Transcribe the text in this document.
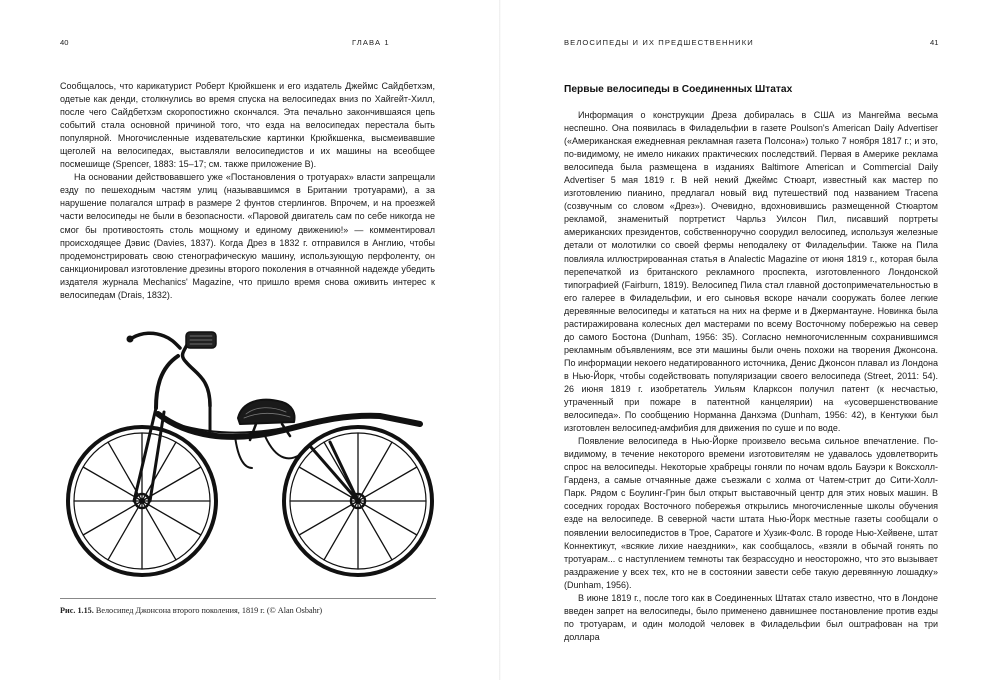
40	ГЛАВА 1

Сообщалось, что карикатурист Роберт Крюйкшенк и его издатель Джеймс Сайдбетхэм, одетые как денди, столкнулись во время спуска на велосипедах вниз по Хайгейт-Хилл, после чего Сайдбетхэм скоропостижно скончался. Эта печально закончившаяся цепь событий стала основной причиной того, что езда на велосипедах перестала быть популярной. Многочисленные издевательские картинки Крюйкшенка, высмеивавшие щеголей на велосипедах, выставляли велосипедистов и их машины на всеобщее посмешище (Spencer, 1883: 15–17; см. также приложение B).

На основании действовавшего уже «Постановления о тротуарах» власти запрещали езду по пешеходным частям улиц (называвшимся в Британии тротуарами), а за нарушение полагался штраф в размере 2 фунтов стерлингов. Впрочем, и на проезжей части велосипеды не были в безопасности. «Паровой двигатель сам по себе никогда не смог бы противостоять столь мощному и единому движению!» — комментировал происходящее Дэвис (Davies, 1837). Когда Дрез в 1832 г. отправился в Англию, чтобы продемонстрировать свою стенографическую машину, использующую перфоленту, он санкционировал изготовление дрезины второго поколения в отчаянной надежде убедить издателя журнала Mechanics' Magazine, что пришло время снова оживить интерес к велосипедам (Drais, 1832).

Рис. 1.15. Велосипед Джонсона второго поколения, 1819 г. (© Alan Osbahr)
ВЕЛОСИПЕДЫ И ИХ ПРЕДШЕСТВЕННИКИ	41
Первые велосипеды в Соединенных Штатах

Информация о конструкции Дреза добиралась в США из Мангейма весьма неспешно. Она появилась в Филадельфии в газете Poulson's American Daily Advertiser («Американская ежедневная рекламная газета Полсона») только 7 ноября 1817 г.; и это, по-видимому, не имело никаких практических последствий. Первая в Америке реклама велосипеда была размещена в изданиях Baltimore American и Commercial Daily Advertiser 5 мая 1819 г. В ней некий Джеймс Стюарт, известный как мастер по изготовлению пианино, предлагал новый вид путешествий под названием Tracena (созвучным со словом «Дрез»). Очевидно, вдохновившись размещенной Стюартом рекламой, знаменитый портретист Чарльз Уилсон Пил, писавший портреты американских президентов, собственноручно соорудил велосипед, используя железные детали от молотилки со своей фермы неподалеку от Филадельфии. Также на Пила повлияла иллюстрированная статья в Analectic Magazine от июня 1819 г., которая была перепечаткой из британского рекламного проспекта, изготовленного Лондонской типографией (Fairburn, 1819). Велосипед Пила стал главной достопримечательностью в его галерее в Филадельфии, и его сыновья вскоре начали сооружать более легкие деревянные велосипеды и кататься на них на ферме и в Джермантауне. Новинка была растиражирована колесных дел мастерами по всему Восточному побережью на север до самого Бостона (Dunham, 1956: 35). Согласно немногочисленным сохранившимся рекламным объявлениям, все эти машины были очень похожи на творения Джонсона. По информации некоего недатированного источника, Денис Джонсон плавал из Лондона в Нью-Йорк, чтобы содействовать популяризации своего велосипеда (Street, 2011: 54). 26 июня 1819 г. изобретатель Уильям Кларксон получил патент (к несчастью, утраченный при пожаре в патентной канцелярии) на «усовершенствование велосипеда». По сообщению Норманна Данхэма (Dunham, 1956: 42), в Кентукки был изготовлен велосипед-амфибия для движения по суше и по воде.

Появление велосипеда в Нью-Йорке произвело весьма сильное впечатление. По-видимому, в течение некоторого времени изготовителям не удавалось удовлетворить спрос на велосипеды. Некоторые храбрецы гоняли по ночам вдоль Бауэри к Воксхолл-Гарденз, а самые отчаянные даже съезжали с холма от Чатем-стрит до Сити-Холл-Парк. Рядом с Боулинг-Грин был открыт выставочный центр для этих новых машин. В соседних городах Восточного побережья открылись многочисленные школы обучения езде на велосипеде. В северной части штата Нью-Йорк местные газеты сообщали о появлении велосипедистов в Трое, Саратоге и Хузик-Фолс. В городе Нью-Хейвене, штат Коннектикут, «всякие лихие наездники», как сообщалось, «взяли в обычай гонять по тротуарам... с наступлением темноты так безрассудно и неосторожно, что это вызывает раздражение у всех тех, кто не в состоянии завести себе такую деревянную лошадку» (Dunham, 1956).

В июне 1819 г., после того как в Соединенных Штатах стало известно, что в Лондоне введен запрет на велосипеды, было применено давнишнее постановление против езды по тротуарам, и один молодой человек в Филадельфии был оштрафован на три доллара
